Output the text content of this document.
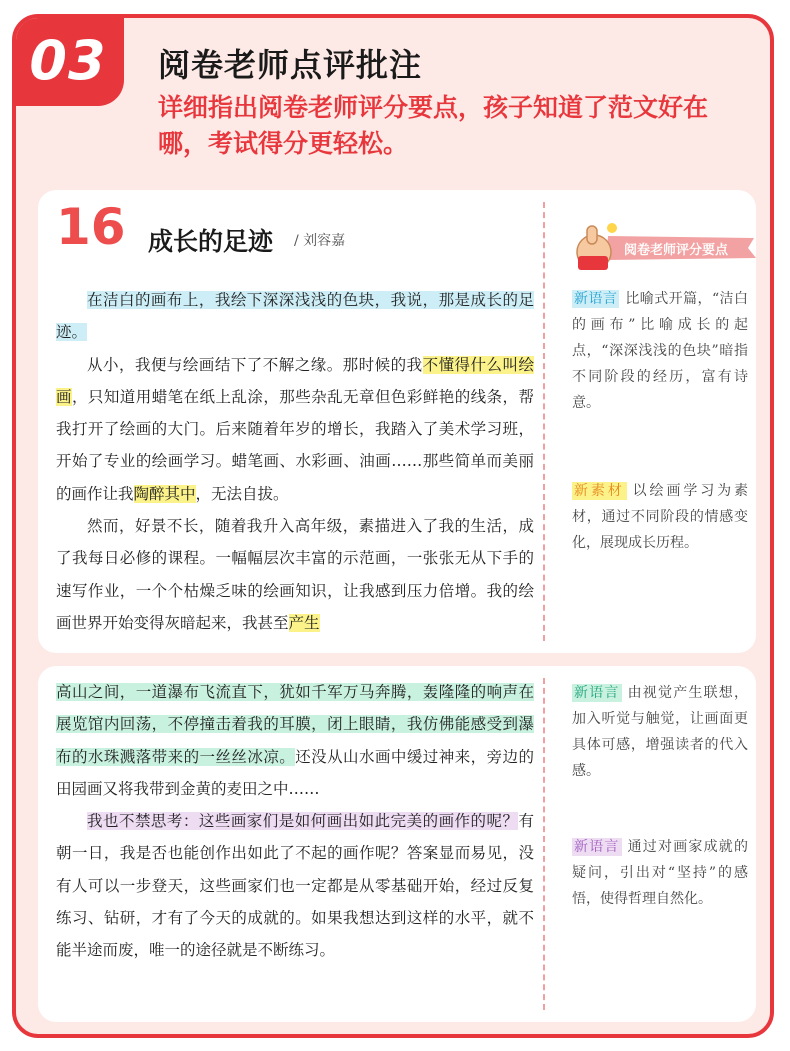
03	阅卷老师点评批注
详细指出阅卷老师评分要点，孩子知道了范文好在哪，考试得分更轻松。
16 成长的足迹 / 刘容嘉
阅卷老师评分要点

在洁白的画布上，我绘下深深浅浅的色块，我说，那是成长的足迹。

从小，我便与绘画结下了不解之缘。那时候的我不懂得什么叫绘画，只知道用蜡笔在纸上乱涂，那些杂乱无章但色彩鲜艳的线条，帮我打开了绘画的大门。后来随着年岁的增长，我踏入了美术学习班，开始了专业的绘画学习。蜡笔画、水彩画、油画……那些简单而美丽的画作让我陶醉其中，无法自拔。

然而，好景不长，随着我升入高年级，素描进入了我的生活，成了我每日必修的课程。一幅幅层次丰富的示范画，一张张无从下手的速写作业，一个个枯燥乏味的绘画知识，让我感到压力倍增。我的绘画世界开始变得灰暗起来，我甚至产生

新语言 比喻式开篇，“洁白的画布”比喻成长的起点，“深深浅浅的色块”暗指不同阶段的经历，富有诗意。
新素材 以绘画学习为素材，通过不同阶段的情感变化，展现成长历程。

高山之间，一道瀑布飞流直下，犹如千军万马奔腾，轰隆隆的响声在展览馆内回荡，不停撞击着我的耳膜，闭上眼睛，我仿佛能感受到瀑布的水珠溅落带来的一丝丝冰凉。还没从山水画中缓过神来，旁边的田园画又将我带到金黄的麦田之中……

我也不禁思考：这些画家们是如何画出如此完美的画作的呢？有朝一日，我是否也能创作出如此了不起的画作呢？答案显而易见，没有人可以一步登天，这些画家们也一定都是从零基础开始，经过反复练习、钻研，才有了今天的成就的。如果我想达到这样的水平，就不能半途而废，唯一的途径就是不断练习。

新语言 由视觉产生联想，加入听觉与触觉，让画面更具体可感，增强读者的代入感。
新语言 通过对画家成就的疑问，引出对“坚持”的感悟，使得哲理自然化。
